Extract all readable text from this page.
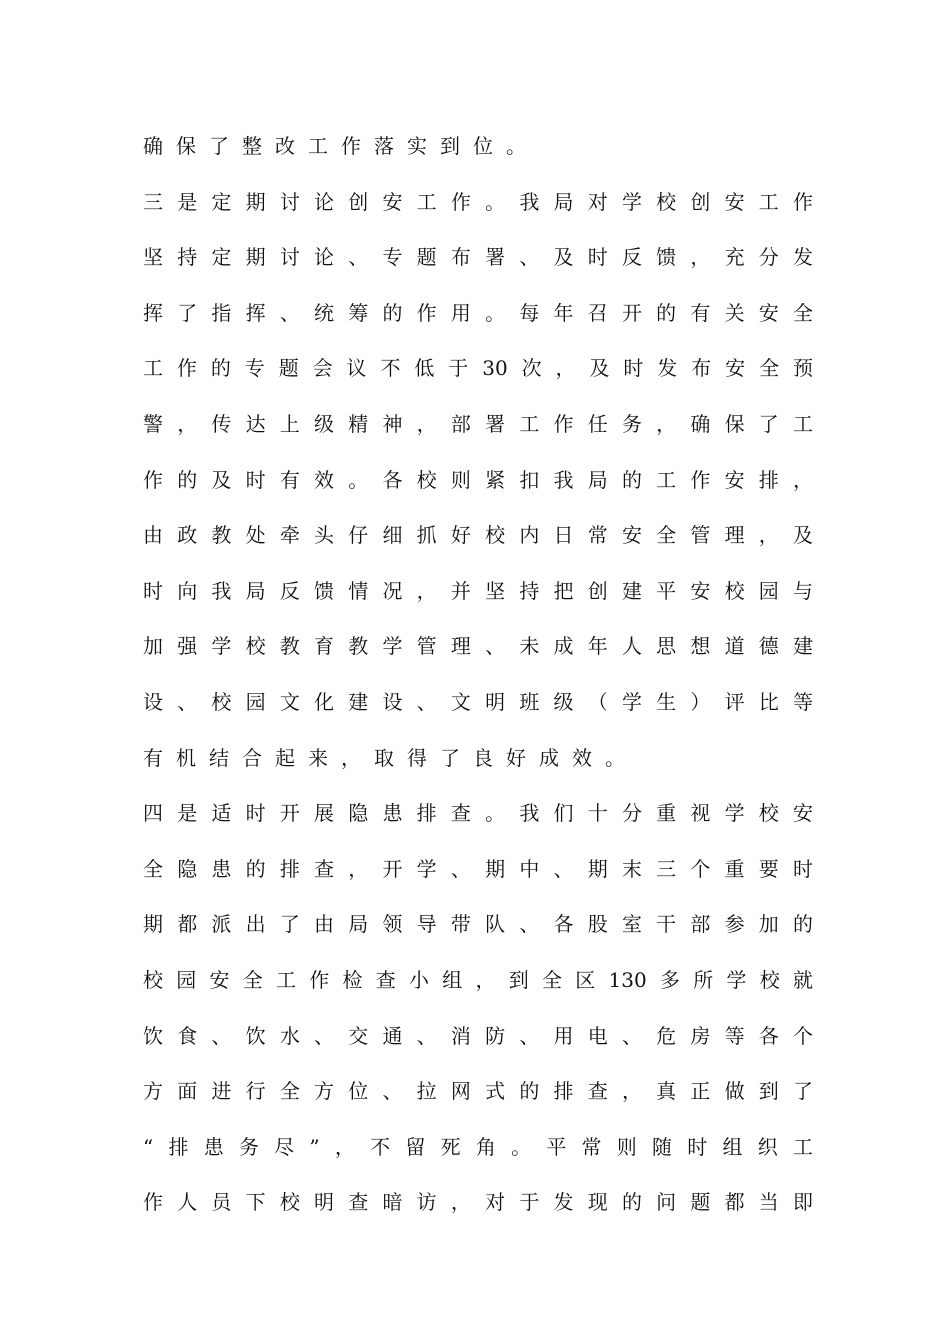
确保了整改工作落实到位。
三是定期讨论创安工作。我局对学校创安工作
坚持定期讨论、专题布署、及时反馈，充分发
挥了指挥、统筹的作用。每年召开的有关安全
工作的专题会议不低于30次，及时发布安全预
警，传达上级精神，部署工作任务，确保了工
作的及时有效。各校则紧扣我局的工作安排，
由政教处牵头仔细抓好校内日常安全管理，及
时向我局反馈情况，并坚持把创建平安校园与
加强学校教育教学管理、未成年人思想道德建
设、校园文化建设、文明班级（学生）评比等
有机结合起来，取得了良好成效。
四是适时开展隐患排查。我们十分重视学校安
全隐患的排查，开学、期中、期末三个重要时
期都派出了由局领导带队、各股室干部参加的
校园安全工作检查小组，到全区130多所学校就
饮食、饮水、交通、消防、用电、危房等各个
方面进行全方位、拉网式的排查，真正做到了
“排患务尽”，不留死角。平常则随时组织工
作人员下校明查暗访，对于发现的问题都当即
